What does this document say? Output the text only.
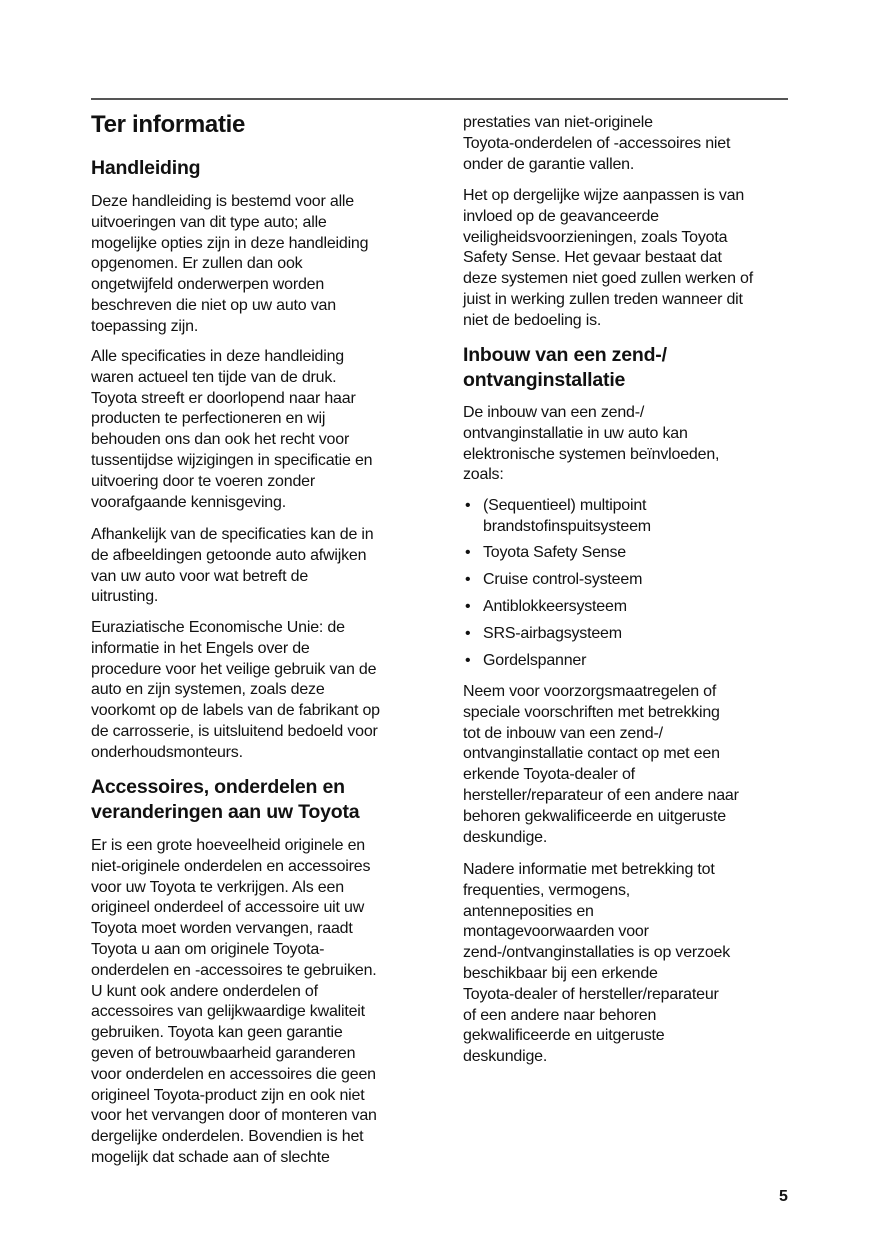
Ter informatie
5
Handleiding
Deze handleiding is bestemd voor alle
uitvoeringen van dit type auto; alle
mogelijke opties zijn in deze handleiding
opgenomen. Er zullen dan ook
ongetwijfeld onderwerpen worden
beschreven die niet op uw auto van
toepassing zijn.
Alle specificaties in deze handleiding
waren actueel ten tijde van de druk.
Toyota streeft er doorlopend naar haar
producten te perfectioneren en wij
behouden ons dan ook het recht voor
tussentijdse wijzigingen in specificatie en
uitvoering door te voeren zonder
voorafgaande kennisgeving.
Afhankelijk van de specificaties kan de in
de afbeeldingen getoonde auto afwijken
van uw auto voor wat betreft de
uitrusting.
Euraziatische Economische Unie: de
informatie in het Engels over de
procedure voor het veilige gebruik van de
auto en zijn systemen, zoals deze
voorkomt op de labels van de fabrikant op
de carrosserie, is uitsluitend bedoeld voor
onderhoudsmonteurs.
Accessoires, onderdelen en
veranderingen aan uw Toyota
Er is een grote hoeveelheid originele en
niet-originele onderdelen en accessoires
voor uw Toyota te verkrijgen. Als een
origineel onderdeel of accessoire uit uw
Toyota moet worden vervangen, raadt
Toyota u aan om originele Toyota-
onderdelen en -accessoires te gebruiken.
U kunt ook andere onderdelen of
accessoires van gelijkwaardige kwaliteit
gebruiken. Toyota kan geen garantie
geven of betrouwbaarheid garanderen
voor onderdelen en accessoires die geen
origineel Toyota-product zijn en ook niet
voor het vervangen door of monteren van
dergelijke onderdelen. Bovendien is het
mogelijk dat schade aan of slechte
prestaties van niet-originele
Toyota-onderdelen of -accessoires niet
onder de garantie vallen.
Het op dergelijke wijze aanpassen is van
invloed op de geavanceerde
veiligheidsvoorzieningen, zoals Toyota
Safety Sense. Het gevaar bestaat dat
deze systemen niet goed zullen werken of
juist in werking zullen treden wanneer dit
niet de bedoeling is.
Inbouw van een zend-/
ontvanginstallatie
De inbouw van een zend-/
ontvanginstallatie in uw auto kan
elektronische systemen beïnvloeden,
zoals:
• (Sequentieel) multipoint
brandstofinspuitsysteem
• Toyota Safety Sense
• Cruise control-systeem
• Antiblokkeersysteem
• SRS-airbagsysteem
• Gordelspanner
Neem voor voorzorgsmaatregelen of
speciale voorschriften met betrekking
tot de inbouw van een zend-/
ontvanginstallatie contact op met een
erkende Toyota-dealer of
hersteller/reparateur of een andere naar
behoren gekwalificeerde en uitgeruste
deskundige.
Nadere informatie met betrekking tot
frequenties, vermogens,
antenneposities en
montagevoorwaarden voor
zend-/ontvanginstallaties is op verzoek
beschikbaar bij een erkende
Toyota-dealer of hersteller/reparateur
of een andere naar behoren
gekwalificeerde en uitgeruste
deskundige.
